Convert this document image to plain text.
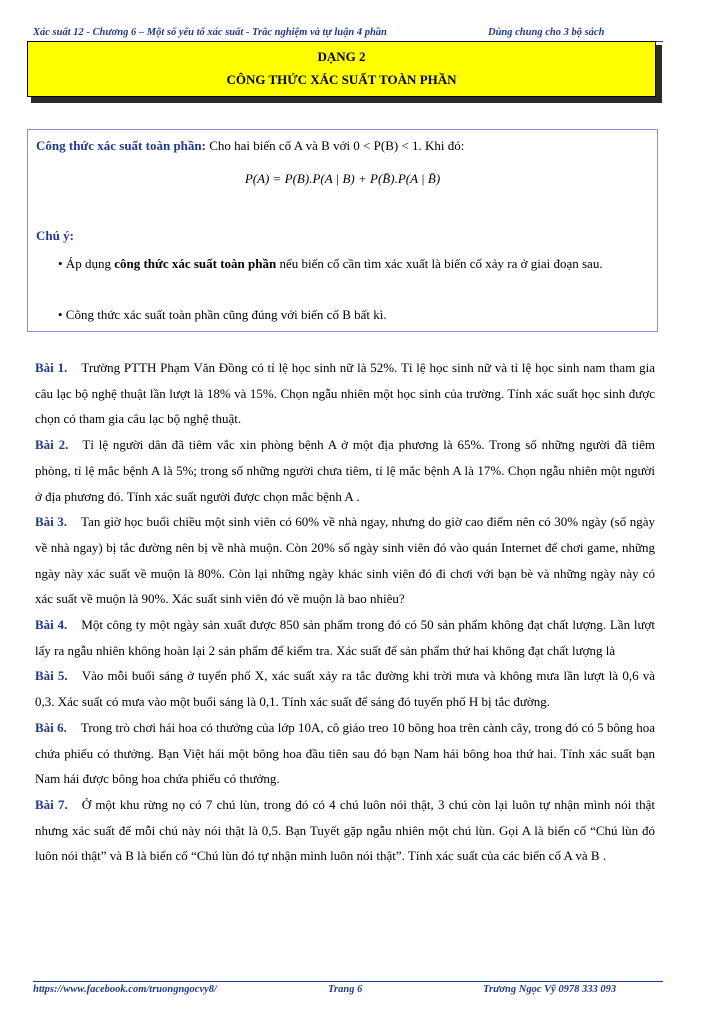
Xác suất 12 - Chương 6 – Một số yếu tố xác suất - Trắc nghiệm và tự luận 4 phần	Dùng chung cho 3 bộ sách
DẠNG 2
CÔNG THỨC XÁC SUẤT TOÀN PHẦN
Công thức xác suất toàn phần: Cho hai biến cố A và B với 0 < P(B) < 1. Khi đó:
P(A) = P(B).P(A | B) + P(B̄).P(A | B̄)
Chú ý:
• Áp dụng công thức xác suất toàn phần nếu biến cố cần tìm xác xuất là biến cố xảy ra ở giai đoạn sau.
• Công thức xác suất toàn phần cũng đúng với biến cố B bất kì.

Bài 1. Trường PTTH Phạm Văn Đồng có tỉ lệ học sinh nữ là 52%. Tỉ lệ học sinh nữ và tỉ lệ học sinh nam tham gia câu lạc bộ nghệ thuật lần lượt là 18% và 15%. Chọn ngẫu nhiên một học sinh của trường. Tính xác suất học sinh được chọn có tham gia câu lạc bộ nghệ thuật.

Bài 2. Tỉ lệ người dân đã tiêm vắc xin phòng bệnh A ở một địa phương là 65%. Trong số những người đã tiêm phòng, tỉ lệ mắc bệnh A là 5%; trong số những người chưa tiêm, tỉ lệ mắc bệnh A là 17%. Chọn ngẫu nhiên một người ở địa phương đó. Tính xác suất người được chọn mắc bệnh A .

Bài 3. Tan giờ học buổi chiều một sinh viên có 60% về nhà ngay, nhưng do giờ cao điểm nên có 30% ngày (số ngày về nhà ngay) bị tắc đường nên bị về nhà muộn. Còn 20% số ngày sinh viên đó vào quán Internet để chơi game, những ngày này xác suất về muộn là 80%. Còn lại những ngày khác sinh viên đó đi chơi với bạn bè và những ngày này có xác suất về muộn là 90%. Xác suất sinh viên đó về muộn là bao nhiêu?

Bài 4. Một công ty một ngày sản xuất được 850 sản phẩm trong đó có 50 sản phẩm không đạt chất lượng. Lần lượt lấy ra ngẫu nhiên không hoàn lại 2 sản phẩm để kiểm tra. Xác suất để sản phẩm thứ hai không đạt chất lượng là

Bài 5. Vào mỗi buổi sáng ở tuyến phố X, xác suất xảy ra tắc đường khi trời mưa và không mưa lần lượt là 0,6 và 0,3. Xác suất có mưa vào một buổi sáng là 0,1. Tính xác suất để sáng đó tuyến phố H bị tắc đường.

Bài 6. Trong trò chơi hái hoa có thưởng của lớp 10A, cô giáo treo 10 bông hoa trên cành cây, trong đó có 5 bông hoa chứa phiếu có thưởng. Bạn Việt hái một bông hoa đầu tiên sau đó bạn Nam hái bông hoa thứ hai. Tính xác suất bạn Nam hái được bông hoa chứa phiếu có thưởng.

Bài 7. Ở một khu rừng nọ có 7 chú lùn, trong đó có 4 chú luôn nói thật, 3 chú còn lại luôn tự nhận mình nói thật nhưng xác suất để mỗi chú này nói thật là 0,5. Bạn Tuyết gặp ngẫu nhiên một chú lùn. Gọi A là biến cố “Chú lùn đó luôn nói thật” và B là biến cố “Chú lùn đó tự nhận mình luôn nói thật”. Tính xác suất của các biến cố A và B .

https://www.facebook.com/truongngocvy8/	Trang 6	Trương Ngọc Vỹ 0978 333 093
